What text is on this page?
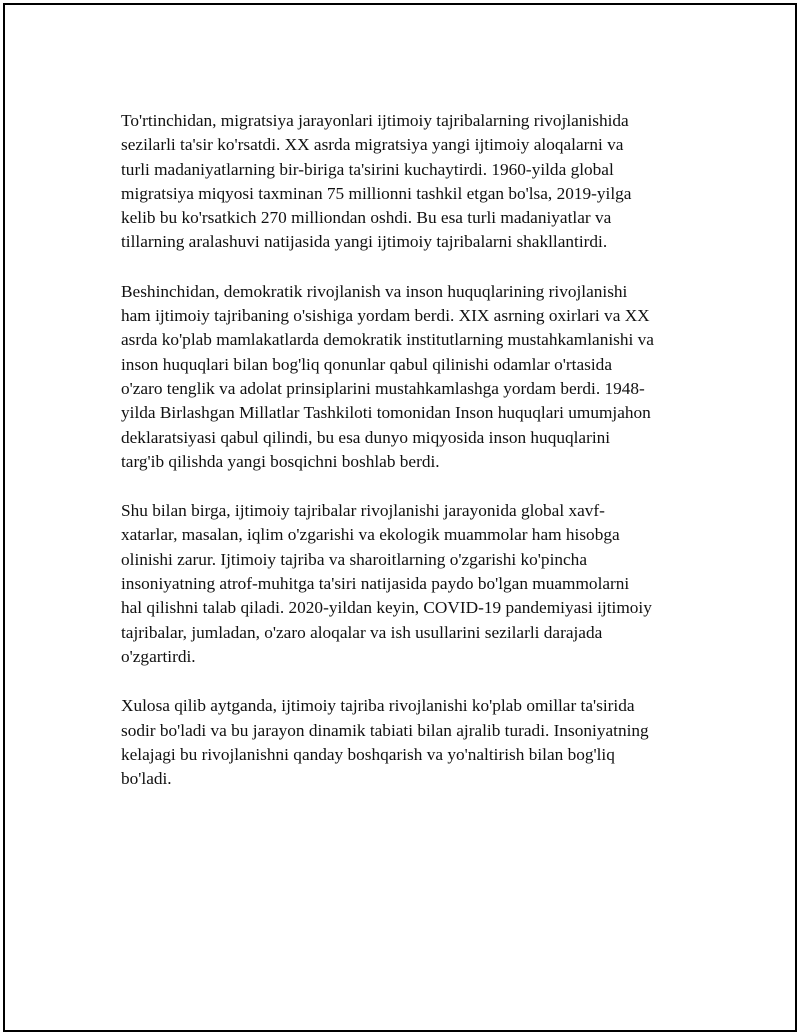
To'rtinchidan, migratsiya jarayonlari ijtimoiy tajribalarning rivojlanishida
sezilarli ta'sir ko'rsatdi. XX asrda migratsiya yangi ijtimoiy aloqalarni va
turli madaniyatlarning bir-biriga ta'sirini kuchaytirdi. 1960-yilda global
migratsiya miqyosi taxminan 75 millionni tashkil etgan bo'lsa, 2019-yilga
kelib bu ko'rsatkich 270 milliondan oshdi. Bu esa turli madaniyatlar va
tillarning aralashuvi natijasida yangi ijtimoiy tajribalarni shakllantirdi.

Beshinchidan, demokratik rivojlanish va inson huquqlarining rivojlanishi
ham ijtimoiy tajribaning o'sishiga yordam berdi. XIX asrning oxirlari va XX
asrda ko'plab mamlakatlarda demokratik institutlarning mustahkamlanishi va
inson huquqlari bilan bog'liq qonunlar qabul qilinishi odamlar o'rtasida
o'zaro tenglik va adolat prinsiplarini mustahkamlashga yordam berdi. 1948-
yilda Birlashgan Millatlar Tashkiloti tomonidan Inson huquqlari umumjahon
deklaratsiyasi qabul qilindi, bu esa dunyo miqyosida inson huquqlarini
targ'ib qilishda yangi bosqichni boshlab berdi.

Shu bilan birga, ijtimoiy tajribalar rivojlanishi jarayonida global xavf-
xatarlar, masalan, iqlim o'zgarishi va ekologik muammolar ham hisobga
olinishi zarur. Ijtimoiy tajriba va sharoitlarning o'zgarishi ko'pincha
insoniyatning atrof-muhitga ta'siri natijasida paydo bo'lgan muammolarni
hal qilishni talab qiladi. 2020-yildan keyin, COVID-19 pandemiyasi ijtimoiy
tajribalar, jumladan, o'zaro aloqalar va ish usullarini sezilarli darajada
o'zgartirdi.

Xulosa qilib aytganda, ijtimoiy tajriba rivojlanishi ko'plab omillar ta'sirida
sodir bo'ladi va bu jarayon dinamik tabiati bilan ajralib turadi. Insoniyatning
kelajagi bu rivojlanishni qanday boshqarish va yo'naltirish bilan bog'liq
bo'ladi.
